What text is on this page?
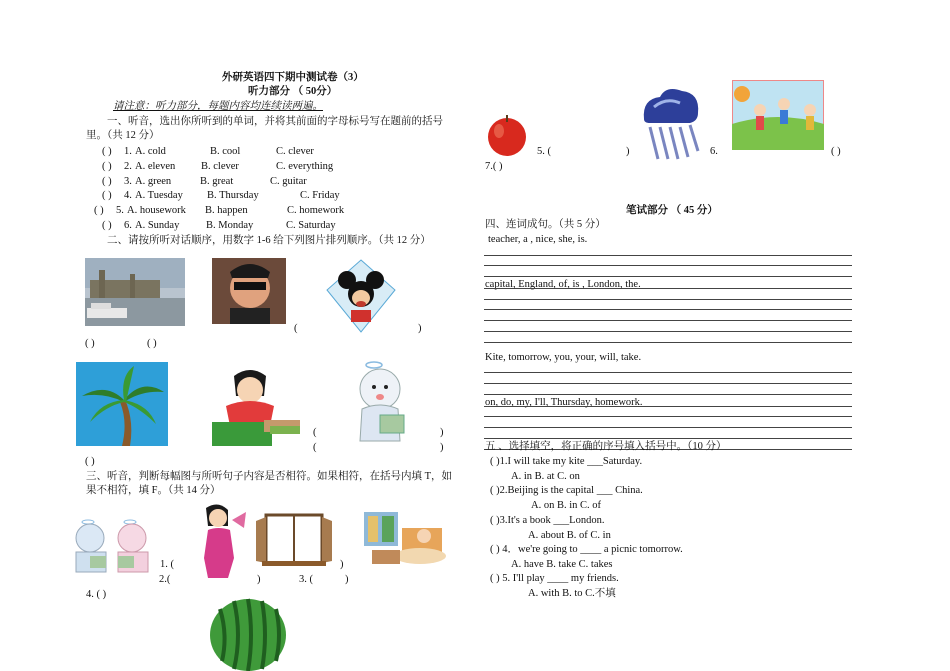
外研英语四下期中测试卷（3）
听力部分 （ 50分）
请注意：听力部分，每题内容均连续读两遍。
一、听音，选出你所听到的单词，并将其前面的字母标号写在题前的括号
里。（共 12 分）
( ) 1. A. cold	B. cool	C. clever
( ) 2. A. eleven B. clever	C. everything
( ) 3. A. green	B. great	C. guitar
( ) 4. A. Tuesday B. Thursday	C. Friday
( ) 5. A. housework B. happen	C. homework
( ) 6. A. Sunday	B. Monday	C. Saturday
二、请按所听对话顺序，用数字 1-6 给下列图片排列顺序。（共 12 分）
(	)
( )	( )
)
(
(	)
( )
三、听音，判断每幅图与所听句子内容是否相符。如果相符，在括号内填 T，如
果不相符，填 F。（共 14 分）
1. (	)
2.(	)	3. (	)
4. ( )
5. (	)	6.	( )
7.( )
笔试部分 （ 45 分）
四、连词成句。（共 5 分）
teacher, a , nice, she, is.
capital, England, of, is , London, the.
Kite, tomorrow, you, your, will, take.
on, do, my, I'll, Thursday, homework.
五 、选择填空，将正确的序号填入括号中。（10 分）
( )1.I will take my kite ___Saturday.
A. in B. at C. on
( )2.Beijing is the capital ___ China.
A. on B. in C. of
( )3.It's a book ___London.
A. about B. of C. in
( ) 4．we're going to ____ a picnic tomorrow.
A. have B. take C. takes
( ) 5. I'll play ____ my friends.
A. with B. to C.不填
